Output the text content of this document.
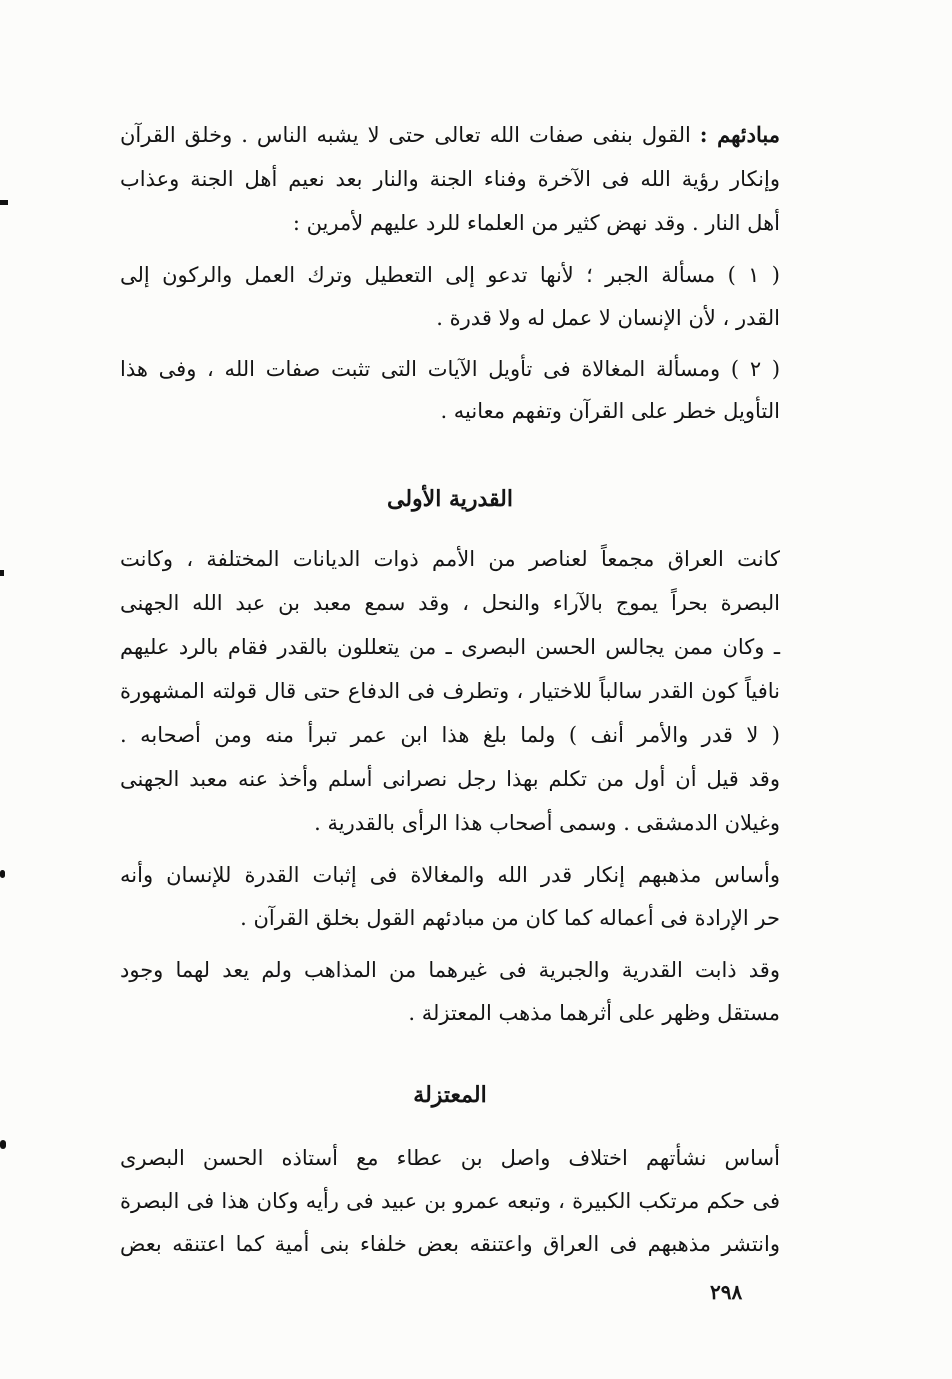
مبادئهم : القول بنفى صفات الله تعالى حتى لا يشبه الناس . وخلق القرآن
وإنكار رؤية الله فى الآخرة وفناء الجنة والنار بعد نعيم أهل الجنة وعذاب
أهل النار . وقد نهض كثير من العلماء للرد عليهم لأمرين :
( ١ ) مسألة الجبر ؛ لأنها تدعو إلى التعطيل وترك العمل والركون إلى
القدر ، لأن الإنسان لا عمل له ولا قدرة .
( ٢ ) ومسألة المغالاة فى تأويل الآيات التى تثبت صفات الله ، وفى هذا
التأويل خطر على القرآن وتفهم معانيه .
القدرية الأولى
كانت العراق مجمعاً لعناصر من الأمم ذوات الديانات المختلفة ، وكانت
البصرة بحراً يموج بالآراء والنحل ، وقد سمع معبد بن عبد الله الجهنى
ـ وكان ممن يجالس الحسن البصرى ـ من يتعللون بالقدر فقام بالرد عليهم
نافياً كون القدر سالباً للاختيار ، وتطرف فى الدفاع حتى قال قولته المشهورة
( لا قدر والأمر أنف ) ولما بلغ هذا ابن عمر تبرأ منه ومن أصحابه .
وقد قيل أن أول من تكلم بهذا رجل نصرانى أسلم وأخذ عنه معبد الجهنى
وغيلان الدمشقى . وسمى أصحاب هذا الرأى بالقدرية .
وأساس مذهبهم إنكار قدر الله والمغالاة فى إثبات القدرة للإنسان وأنه
حر الإرادة فى أعماله كما كان من مبادئهم القول بخلق القرآن .
وقد ذابت القدرية والجبرية فى غيرهما من المذاهب ولم يعد لهما وجود
مستقل وظهر على أثرهما مذهب المعتزلة .
المعتزلة
أساس نشأتهم اختلاف واصل بن عطاء مع أستاذه الحسن البصرى
فى حكم مرتكب الكبيرة ، وتبعه عمرو بن عبيد فى رأيه وكان هذا فى البصرة
وانتشر مذهبهم فى العراق واعتنقه بعض خلفاء بنى أمية كما اعتنقه بعض
٢٩٨
